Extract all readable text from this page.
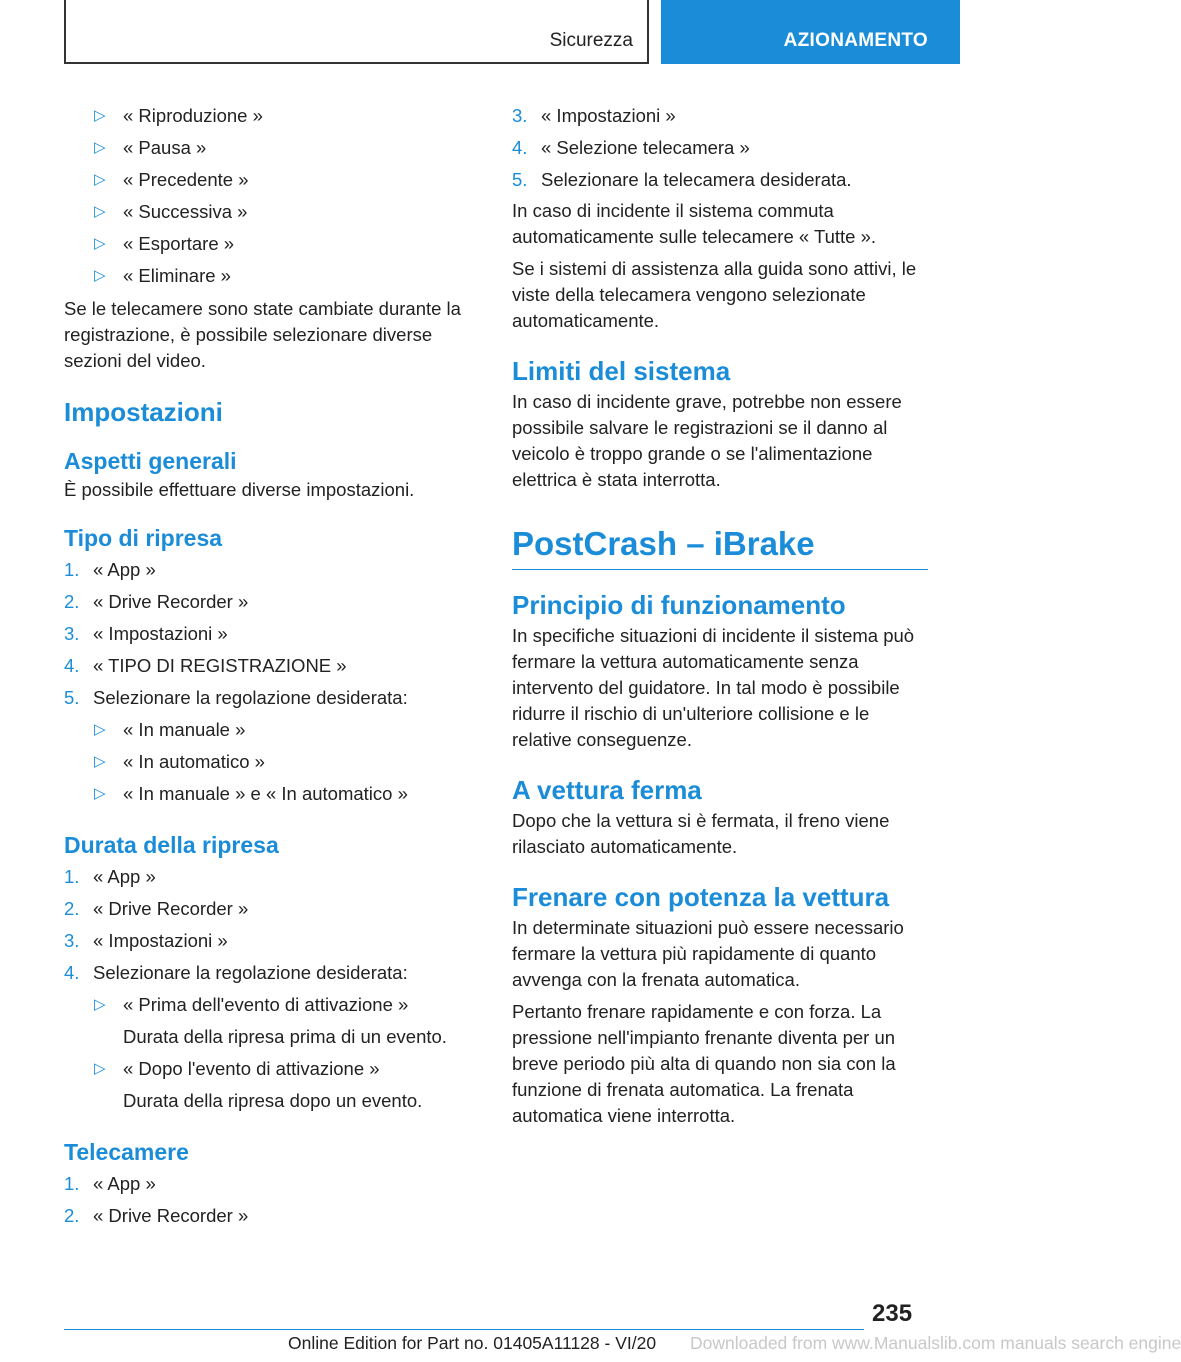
Sicurezza	AZIONAMENTO
▷ « Riproduzione »
▷ « Pausa »
▷ « Precedente »
▷ « Successiva »
▷ « Esportare »
▷ « Eliminare »

Se le telecamere sono state cambiate durante la registrazione, è possibile selezionare diverse sezioni del video.

Impostazioni
Aspetti generali

È possibile effettuare diverse impostazioni.

Tipo di ripresa
1. « App »
2. « Drive Recorder »
3. « Impostazioni »
4. « TIPO DI REGISTRAZIONE »
5. Selezionare la regolazione desiderata:
▷ « In manuale »
▷ « In automatico »
▷ « In manuale » e « In automatico »
Durata della ripresa
1. « App »
2. « Drive Recorder »
3. « Impostazioni »
4. Selezionare la regolazione desiderata:
▷ « Prima dell'evento di attivazione »
Durata della ripresa prima di un evento.
▷ « Dopo l'evento di attivazione »
Durata della ripresa dopo un evento.
Telecamere
1. « App »
2. « Drive Recorder »
3. « Impostazioni »
4. « Selezione telecamera »
5. Selezionare la telecamera desiderata.

In caso di incidente il sistema commuta automaticamente sulle telecamere « Tutte ».

Se i sistemi di assistenza alla guida sono attivi, le viste della telecamera vengono selezionate automaticamente.

Limiti del sistema

In caso di incidente grave, potrebbe non essere possibile salvare le registrazioni se il danno al veicolo è troppo grande o se l'alimentazione elettrica è stata interrotta.

PostCrash – iBrake
Principio di funzionamento

In specifiche situazioni di incidente il sistema può fermare la vettura automaticamente senza intervento del guidatore. In tal modo è possibile ridurre il rischio di un'ulteriore collisione e le relative conseguenze.

A vettura ferma

Dopo che la vettura si è fermata, il freno viene rilasciato automaticamente.

Frenare con potenza la vettura

In determinate situazioni può essere necessario fermare la vettura più rapidamente di quanto avvenga con la frenata automatica.

Pertanto frenare rapidamente e con forza. La pressione nell'impianto frenante diventa per un breve periodo più alta di quando non sia con la funzione di frenata automatica. La frenata automatica viene interrotta.

235
Online Edition for Part no. 01405A11128 - VI/20 Downloaded from www.Manualslib.com manuals search engine
